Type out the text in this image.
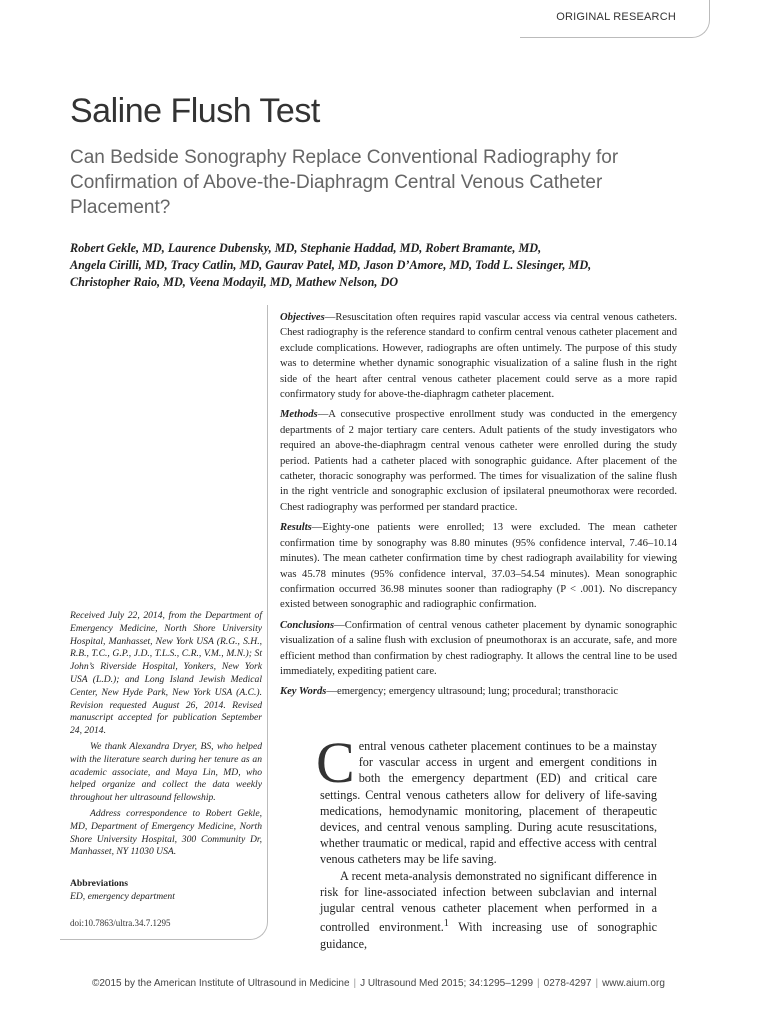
ORIGINAL RESEARCH
Saline Flush Test
Can Bedside Sonography Replace Conventional Radiography for Confirmation of Above-the-Diaphragm Central Venous Catheter Placement?
Robert Gekle, MD, Laurence Dubensky, MD, Stephanie Haddad, MD, Robert Bramante, MD,
Angela Cirilli, MD, Tracy Catlin, MD, Gaurav Patel, MD, Jason D’Amore, MD, Todd L. Slesinger, MD,
Christopher Raio, MD, Veena Modayil, MD, Mathew Nelson, DO

Objectives—Resuscitation often requires rapid vascular access via central venous catheters. Chest radiography is the reference standard to confirm central venous catheter placement and exclude complications. However, radiographs are often untimely. The purpose of this study was to determine whether dynamic sonographic visualization of a saline flush in the right side of the heart after central venous catheter placement could serve as a more rapid confirmatory study for above-the-diaphragm catheter placement.

Methods—A consecutive prospective enrollment study was conducted in the emergency departments of 2 major tertiary care centers. Adult patients of the study investigators who required an above-the-diaphragm central venous catheter were enrolled during the study period. Patients had a catheter placed with sonographic guidance. After placement of the catheter, thoracic sonography was performed. The times for visualization of the saline flush in the right ventricle and sonographic exclusion of ipsilateral pneumothorax were recorded. Chest radiography was performed per standard practice.

Results—Eighty-one patients were enrolled; 13 were excluded. The mean catheter confirmation time by sonography was 8.80 minutes (95% confidence interval, 7.46–10.14 minutes). The mean catheter confirmation time by chest radiograph availability for viewing was 45.78 minutes (95% confidence interval, 37.03–54.54 minutes). Mean sonographic confirmation occurred 36.98 minutes sooner than radiography (P < .001). No discrepancy existed between sonographic and radiographic confirmation.

Conclusions—Confirmation of central venous catheter placement by dynamic sonographic visualization of a saline flush with exclusion of pneumothorax is an accurate, safe, and more efficient method than confirmation by chest radiography. It allows the central line to be used immediately, expediting patient care.

Key Words—emergency; emergency ultrasound; lung; procedural; transthoracic

Received July 22, 2014, from the Department of Emergency Medicine, North Shore University Hospital, Manhasset, New York USA (R.G., S.H., R.B., T.C., G.P., J.D., T.L.S., C.R., V.M., M.N.); St John’s Riverside Hospital, Yonkers, New York USA (L.D.); and Long Island Jewish Medical Center, New Hyde Park, New York USA (A.C.). Revision requested August 26, 2014. Revised manuscript accepted for publication September 24, 2014.

We thank Alexandra Dryer, BS, who helped with the literature search during her tenure as an academic associate, and Maya Lin, MD, who helped organize and collect the data weekly throughout her ultrasound fellowship.

Address correspondence to Robert Gekle, MD, Department of Emergency Medicine, North Shore University Hospital, 300 Community Dr, Manhasset, NY 11030 USA.

Abbreviations
ED, emergency department
doi:10.7863/ultra.34.7.1295

Central venous catheter placement continues to be a mainstay for vascular access in urgent and emergent conditions in both the emergency department (ED) and critical care settings. Central venous catheters allow for delivery of life-saving medications, hemodynamic monitoring, placement of therapeutic devices, and central venous sampling. During acute resuscitations, whether traumatic or medical, rapid and effective access with central venous catheters may be life saving.

A recent meta-analysis demonstrated no significant difference in risk for line-associated infection between subclavian and internal jugular central venous catheter placement when performed in a controlled environment.$^1$ With increasing use of sonographic guidance,

©2015 by the American Institute of Ultrasound in Medicine | J Ultrasound Med 2015; 34:1295–1299 | 0278-4297 | www.aium.org
